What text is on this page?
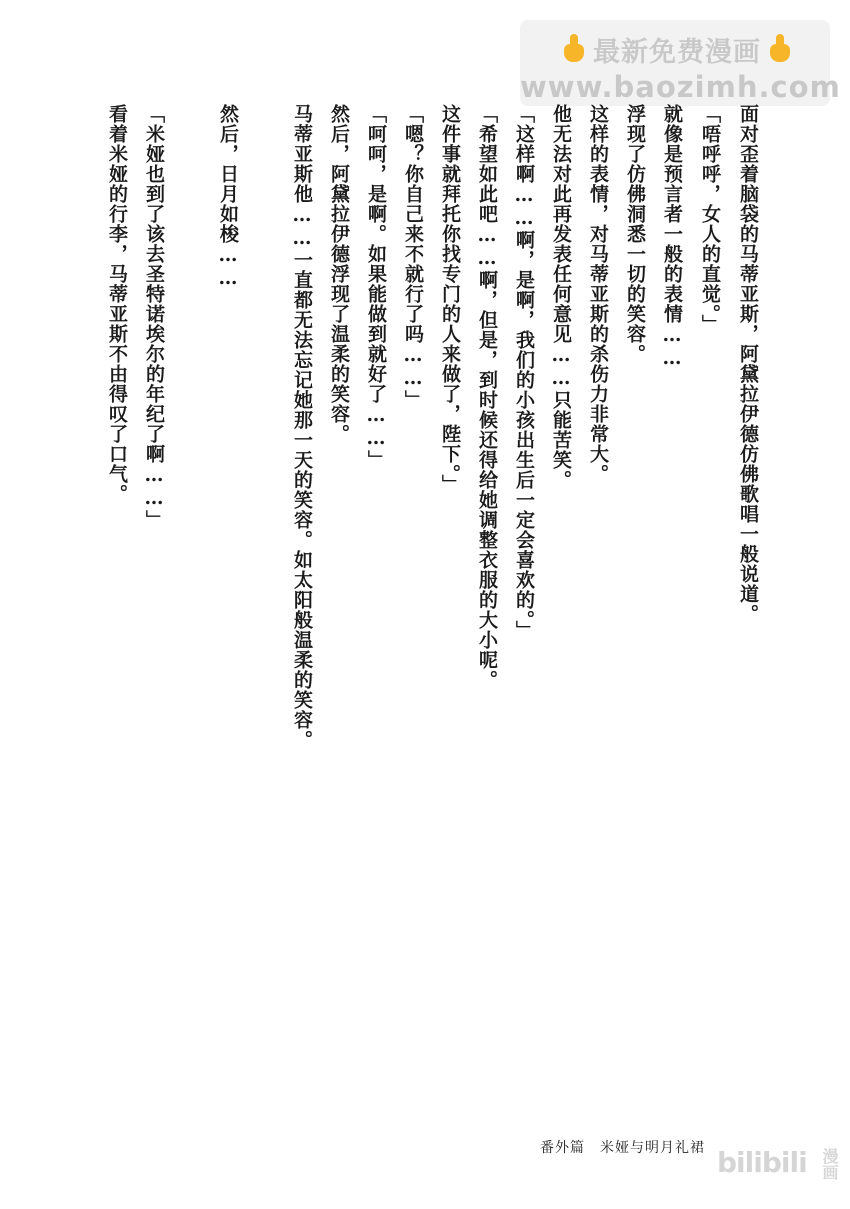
最新免费漫画
www.baozimh.com
面对歪着脑袋的马蒂亚斯，阿黛拉伊德仿佛歌唱一般说道。
「唔呼呼，女人的直觉。」
就像是预言者一般的表情……
浮现了仿佛洞悉一切的笑容。
这样的表情，对马蒂亚斯的杀伤力非常大。
他无法对此再发表任何意见……只能苦笑。
「这样啊……啊，是啊，我们的小孩出生后一定会喜欢的。」
「希望如此吧……啊，但是，到时候还得给她调整衣服的大小呢。
这件事就拜托你找专门的人来做了，陛下。」
「嗯？你自己来不就行了吗……」
「呵呵，是啊。如果能做到就好了……」
然后，阿黛拉伊德浮现了温柔的笑容。
马蒂亚斯他……一直都无法忘记她那一天的笑容。如太阳般温柔的笑容。
然后，日月如梭……
「米娅也到了该去圣特诺埃尔的年纪了啊……」
看着米娅的行李，马蒂亚斯不由得叹了口气。
番外篇　米娅与明月礼裙 bilibili 漫画
